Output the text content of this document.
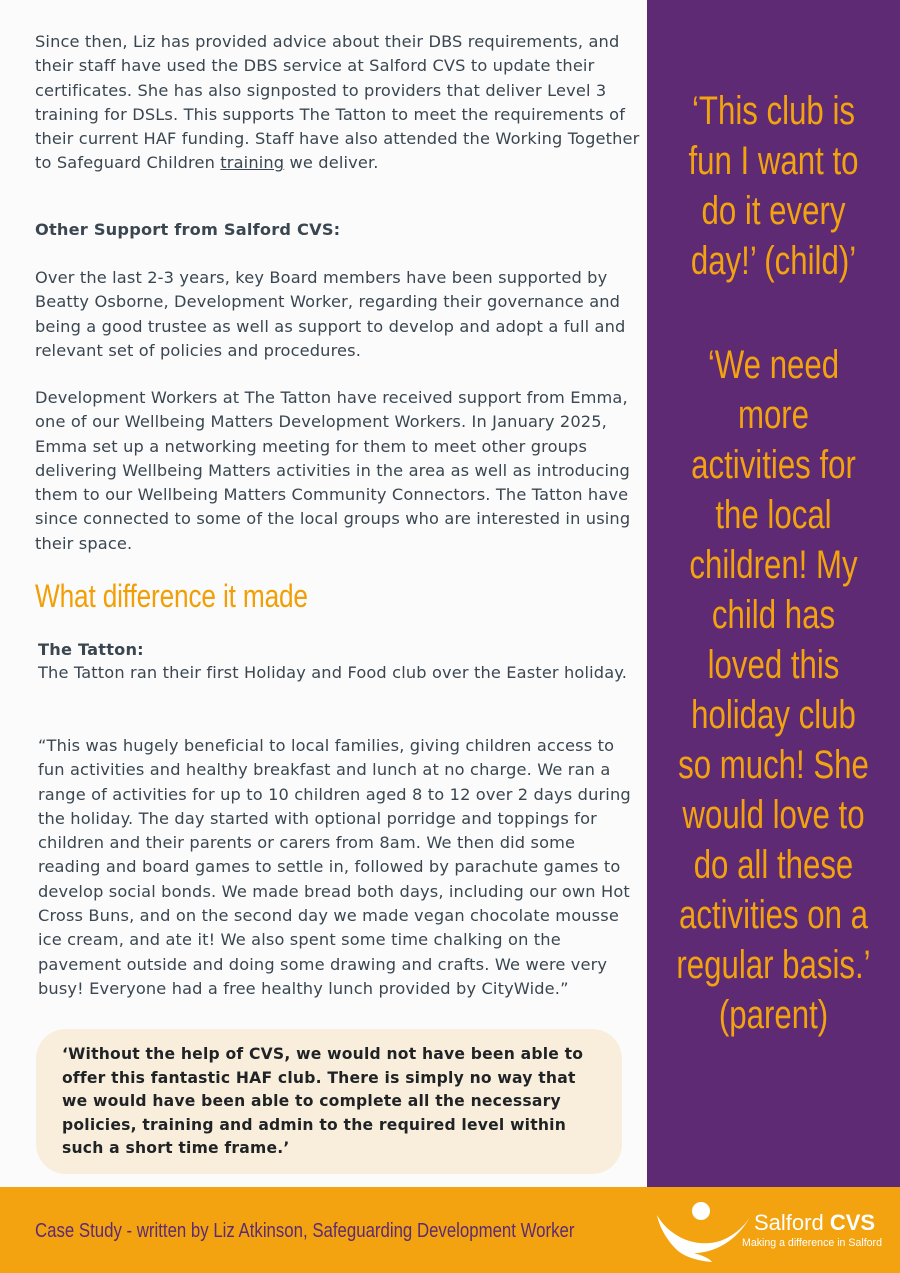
Since then, Liz has provided advice about their DBS requirements, and their staff have used the DBS service at Salford CVS to update their certificates. She has also signposted to providers that deliver Level 3 training for DSLs. This supports The Tatton to meet the requirements of their current HAF funding. Staff have also attended the Working Together to Safeguard Children training we deliver.

Other Support from Salford CVS:

Over the last 2-3 years, key Board members have been supported by Beatty Osborne, Development Worker, regarding their governance and being a good trustee as well as support to develop and adopt a full and relevant set of policies and procedures.

Development Workers at The Tatton have received support from Emma, one of our Wellbeing Matters Development Workers. In January 2025, Emma set up a networking meeting for them to meet other groups delivering Wellbeing Matters activities in the area as well as introducing them to our Wellbeing Matters Community Connectors. The Tatton have since connected to some of the local groups who are interested in using their space.

What difference it made

The Tatton:

The Tatton ran their first Holiday and Food club over the Easter holiday.

“This was hugely beneficial to local families, giving children access to fun activities and healthy breakfast and lunch at no charge. We ran a range of activities for up to 10 children aged 8 to 12 over 2 days during the holiday. The day started with optional porridge and toppings for children and their parents or carers from 8am. We then did some reading and board games to settle in, followed by parachute games to develop social bonds. We made bread both days, including our own Hot Cross Buns, and on the second day we made vegan chocolate mousse ice cream, and ate it! We also spent some time chalking on the pavement outside and doing some drawing and crafts. We were very busy! Everyone had a free healthy lunch provided by CityWide.”

‘Without the help of CVS, we would not have been able to offer this fantastic HAF club. There is simply no way that we would have been able to complete all the necessary policies, training and admin to the required level within such a short time frame.’

‘This club is fun I want to do it every day!’ (child)’

‘We need more activities for the local children! My child has loved this holiday club so much! She would love to do all these activities on a regular basis.’ (parent)

Case Study - written by Liz Atkinson, Safeguarding Development Worker	Salford CVS

Making a difference in Salford
